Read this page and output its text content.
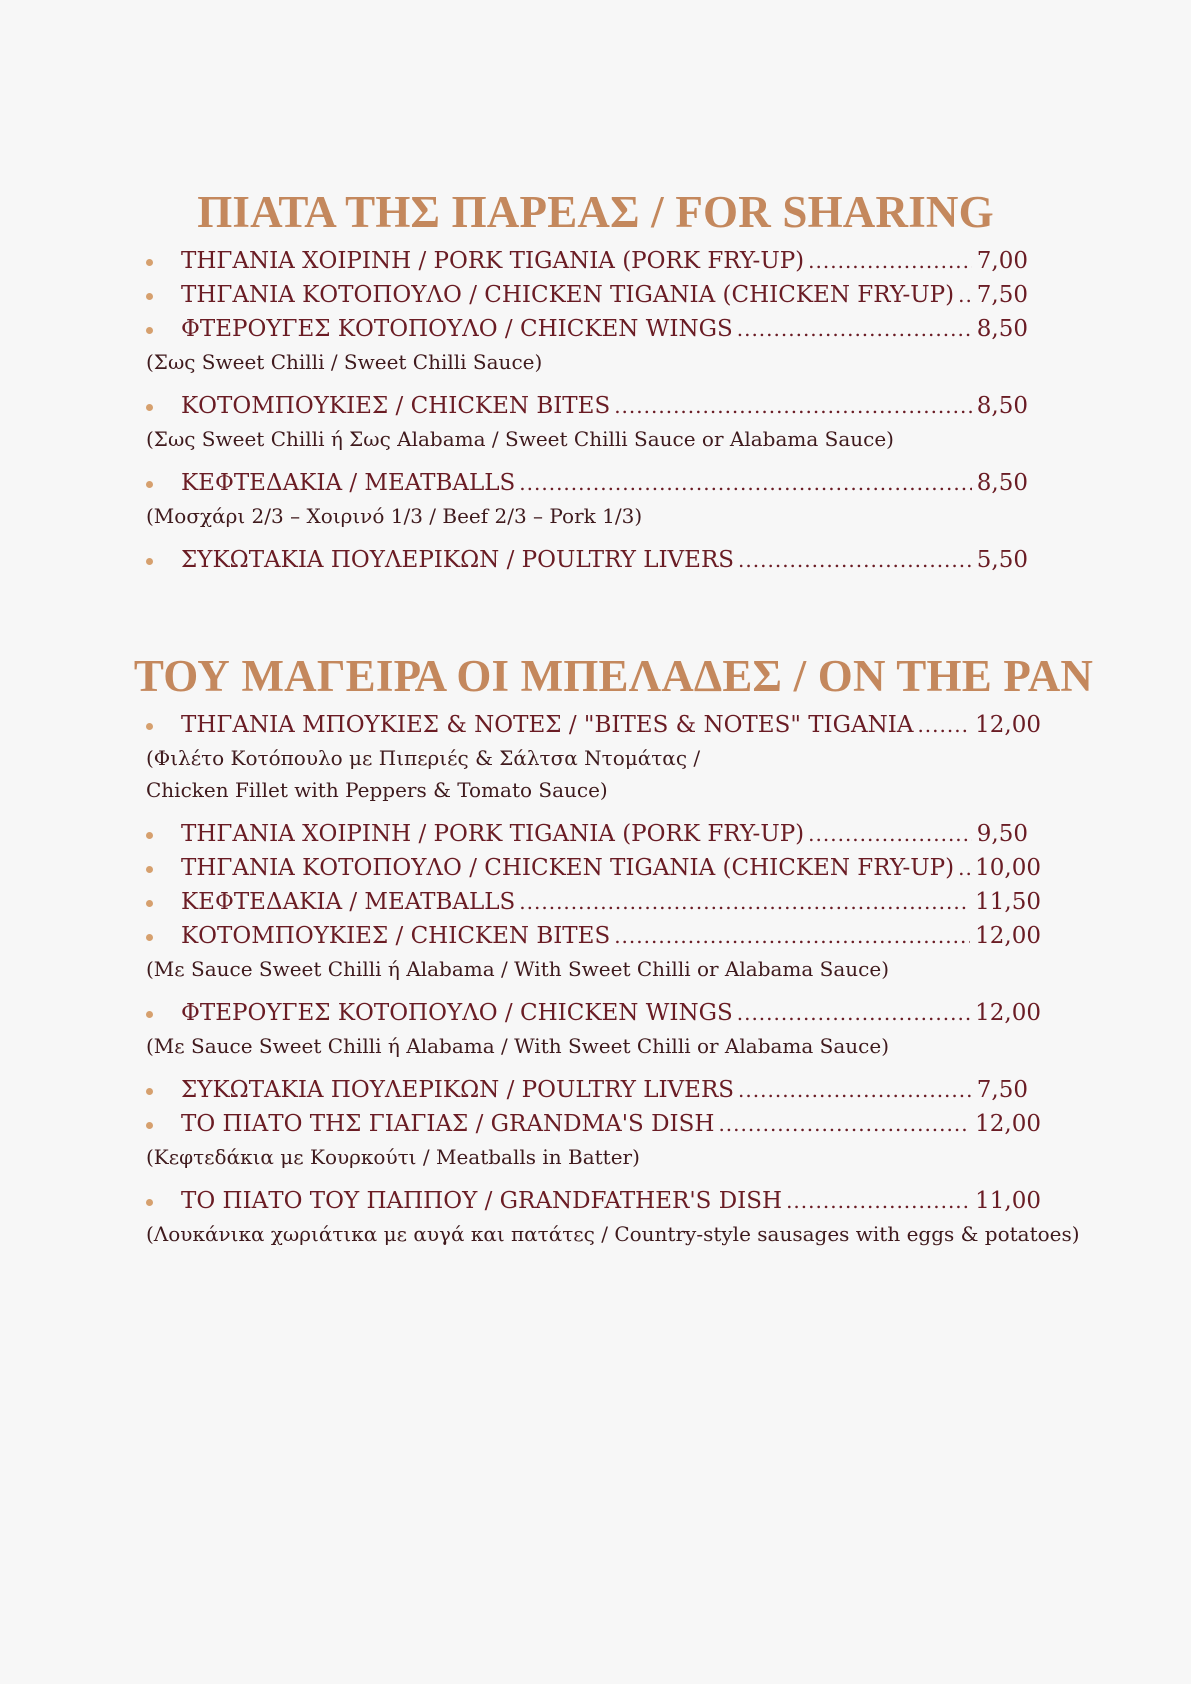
ΠΙΑΤΑ ΤΗΣ ΠΑΡΕΑΣ / FOR SHARING
ΤΗΓΑΝΙΑ ΧΟΙΡΙΝΗ / PORK TIGANIA (PORK FRY-UP) .....	7,00
ΤΗΓΑΝΙΑ ΚΟΤΟΠΟΥΛΟ / CHICKEN TIGANIA (CHICKEN FRY-UP) ..... 7,50
ΦΤΕΡΟΥΓΕΣ ΚΟΤΟΠΟΥΛΟ / CHICKEN WINGS .....	8,50
(Σως Sweet Chilli / Sweet Chilli Sauce)
ΚΟΤΟΜΠΟΥΚΙΕΣ / CHICKEN BITES .....	8,50
(Σως Sweet Chilli ή Σως Alabama / Sweet Chilli Sauce or Alabama Sauce)
ΚΕΦΤΕΔΑΚΙΑ / MEATBALLS .....	8,50
(Μοσχάρι 2/3 – Χοιρινό 1/3 / Beef 2/3 – Pork 1/3)
ΣΥΚΩΤΑΚΙΑ ΠΟΥΛΕΡΙΚΩΝ / POULTRY LIVERS .....	5,50
ΤΟΥ ΜΑΓΕΙΡΑ ΟΙ ΜΠΕΛΑΔΕΣ / ON THE PAN
ΤΗΓΑΝΙΑ ΜΠΟΥΚΙΕΣ & ΝΟΤΕΣ / "BITES & NOTES" TIGANIA .....	12,00
(Φιλέτο Κοτόπουλο με Πιπεριές & Σάλτσα Ντομάτας /
Chicken Fillet with Peppers & Tomato Sauce)
ΤΗΓΑΝΙΑ ΧΟΙΡΙΝΗ / PORK TIGANIA (PORK FRY-UP) .....	9,50
ΤΗΓΑΝΙΑ ΚΟΤΟΠΟΥΛΟ / CHICKEN TIGANIA (CHICKEN FRY-UP) ..... 10,00
ΚΕΦΤΕΔΑΚΙΑ / MEATBALLS .....	11,50
ΚΟΤΟΜΠΟΥΚΙΕΣ / CHICKEN BITES .....	12,00
(Με Sauce Sweet Chilli ή Alabama / With Sweet Chilli or Alabama Sauce)
ΦΤΕΡΟΥΓΕΣ ΚΟΤΟΠΟΥΛΟ / CHICKEN WINGS .....	12,00
(Με Sauce Sweet Chilli ή Alabama / With Sweet Chilli or Alabama Sauce)
ΣΥΚΩΤΑΚΙΑ ΠΟΥΛΕΡΙΚΩΝ / POULTRY LIVERS .....	7,50
ΤΟ ΠΙΑΤΟ ΤΗΣ ΓΙΑΓΙΑΣ / GRANDMA'S DISH .....	12,00
(Κεφτεδάκια με Κουρκούτι / Meatballs in Batter)
ΤΟ ΠΙΑΤΟ ΤΟΥ ΠΑΠΠΟΥ / GRANDFATHER'S DISH .....	11,00
(Λουκάνικα χωριάτικα με αυγά και πατάτες / Country-style sausages with eggs & potatoes)
